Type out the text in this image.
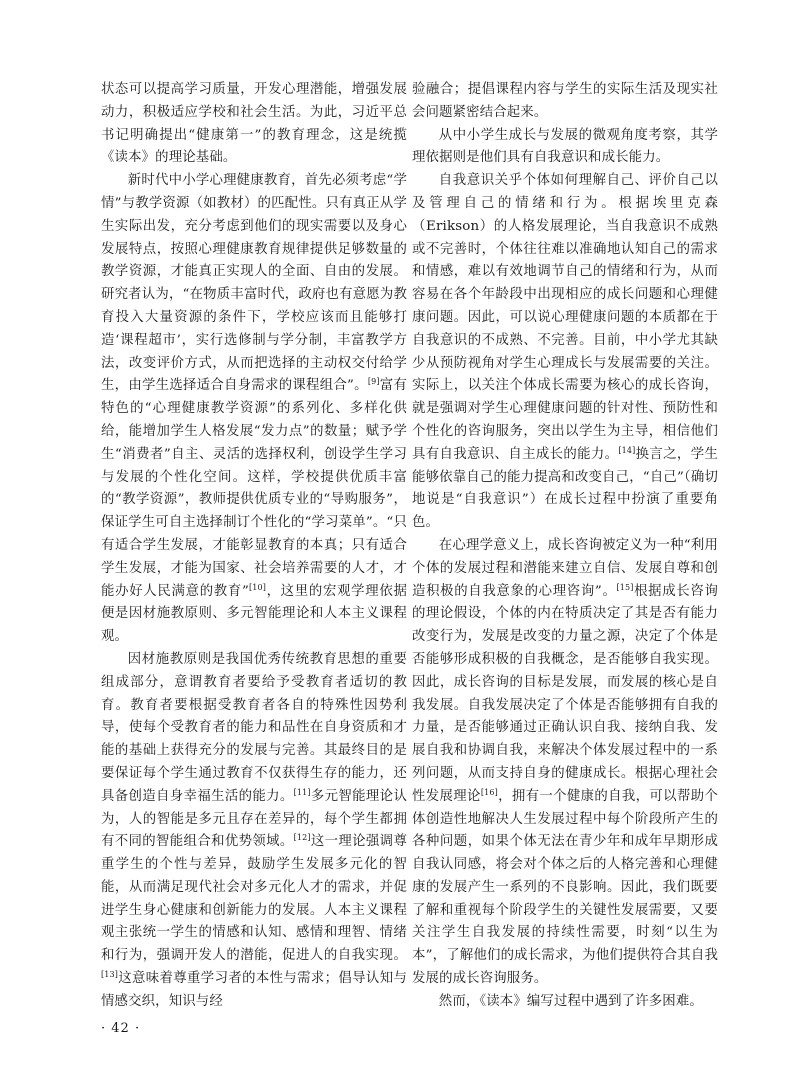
状态可以提高学习质量，开发心理潜能，增强发展动力，积极适应学校和社会生活。为此，习近平总书记明确提出“健康第一”的教育理念，这是统揽《读本》的理论基础。

新时代中小学心理健康教育，首先必须考虑“学情”与教学资源（如教材）的匹配性。只有真正从学生实际出发，充分考虑到他们的现实需要以及身心发展特点，按照心理健康教育规律提供足够数量的教学资源，才能真正实现人的全面、自由的发展。研究者认为，“在物质丰富时代，政府也有意愿为教育投入大量资源的条件下，学校应该而且能够打造‘课程超市’，实行选修制与学分制，丰富教学方法，改变评价方式，从而把选择的主动权交付给学生，由学生选择适合自身需求的课程组合”。[9]富有特色的“心理健康教学资源”的系列化、多样化供给，能增加学生人格发展“发力点”的数量；赋予学生“消费者”自主、灵活的选择权利，创设学生学习与发展的个性化空间。这样，学校提供优质丰富的“教学资源”，教师提供优质专业的“导购服务”，保证学生可自主选择制订个性化的“学习菜单”。“只有适合学生发展，才能彰显教育的本真；只有适合学生发展，才能为国家、社会培养需要的人才，才能办好人民满意的教育”[10]，这里的宏观学理依据便是因材施教原则、多元智能理论和人本主义课程观。

因材施教原则是我国优秀传统教育思想的重要组成部分，意谓教育者要给予受教育者适切的教育。教育者要根据受教育者各自的特殊性因势利导，使每个受教育者的能力和品性在自身资质和才能的基础上获得充分的发展与完善。其最终目的是要保证每个学生通过教育不仅获得生存的能力，还具备创造自身幸福生活的能力。[11]多元智能理论认为，人的智能是多元且存在差异的，每个学生都拥有不同的智能组合和优势领域。[12]这一理论强调尊重学生的个性与差异，鼓励学生发展多元化的智能，从而满足现代社会对多元化人才的需求，并促进学生身心健康和创新能力的发展。人本主义课程观主张统一学生的情感和认知、感情和理智、情绪和行为，强调开发人的潜能，促进人的自我实现。[13]这意味着尊重学习者的本性与需求；倡导认知与情感交织，知识与经

验融合；提倡课程内容与学生的实际生活及现实社会问题紧密结合起来。

从中小学生成长与发展的微观角度考察，其学理依据则是他们具有自我意识和成长能力。

自我意识关乎个体如何理解自己、评价自己以及管理自己的情绪和行为。根据埃里克森（Erikson）的人格发展理论，当自我意识不成熟或不完善时，个体往往难以准确地认知自己的需求和情感，难以有效地调节自己的情绪和行为，从而容易在各个年龄段中出现相应的成长问题和心理健康问题。因此，可以说心理健康问题的本质都在于自我意识的不成熟、不完善。目前，中小学尤其缺少从预防视角对学生心理成长与发展需要的关注。实际上，以关注个体成长需要为核心的成长咨询，就是强调对学生心理健康问题的针对性、预防性和个性化的咨询服务，突出以学生为主导，相信他们具有自我意识、自主成长的能力。[14]换言之，学生能够依靠自己的能力提高和改变自己，“自己”（确切地说是“自我意识”）在成长过程中扮演了重要角色。

在心理学意义上，成长咨询被定义为一种“利用个体的发展过程和潜能来建立自信、发展自尊和创造积极的自我意象的心理咨询”。[15]根据成长咨询的理论假设，个体的内在特质决定了其是否有能力改变行为，发展是改变的力量之源，决定了个体是否能够形成积极的自我概念，是否能够自我实现。因此，成长咨询的目标是发展，而发展的核心是自我发展。自我发展决定了个体是否能够拥有自我的力量，是否能够通过正确认识自我、接纳自我、发展自我和协调自我，来解决个体发展过程中的一系列问题，从而支持自身的健康成长。根据心理社会性发展理论[16]，拥有一个健康的自我，可以帮助个体创造性地解决人生发展过程中每个阶段所产生的各种问题，如果个体无法在青少年和成年早期形成自我认同感，将会对个体之后的人格完善和心理健康的发展产生一系列的不良影响。因此，我们既要了解和重视每个阶段学生的关键性发展需要，又要关注学生自我发展的持续性需要，时刻“以生为本”，了解他们的成长需求，为他们提供符合其自我发展的成长咨询服务。

然而，《读本》编写过程中遇到了许多困难。

· 42 ·
